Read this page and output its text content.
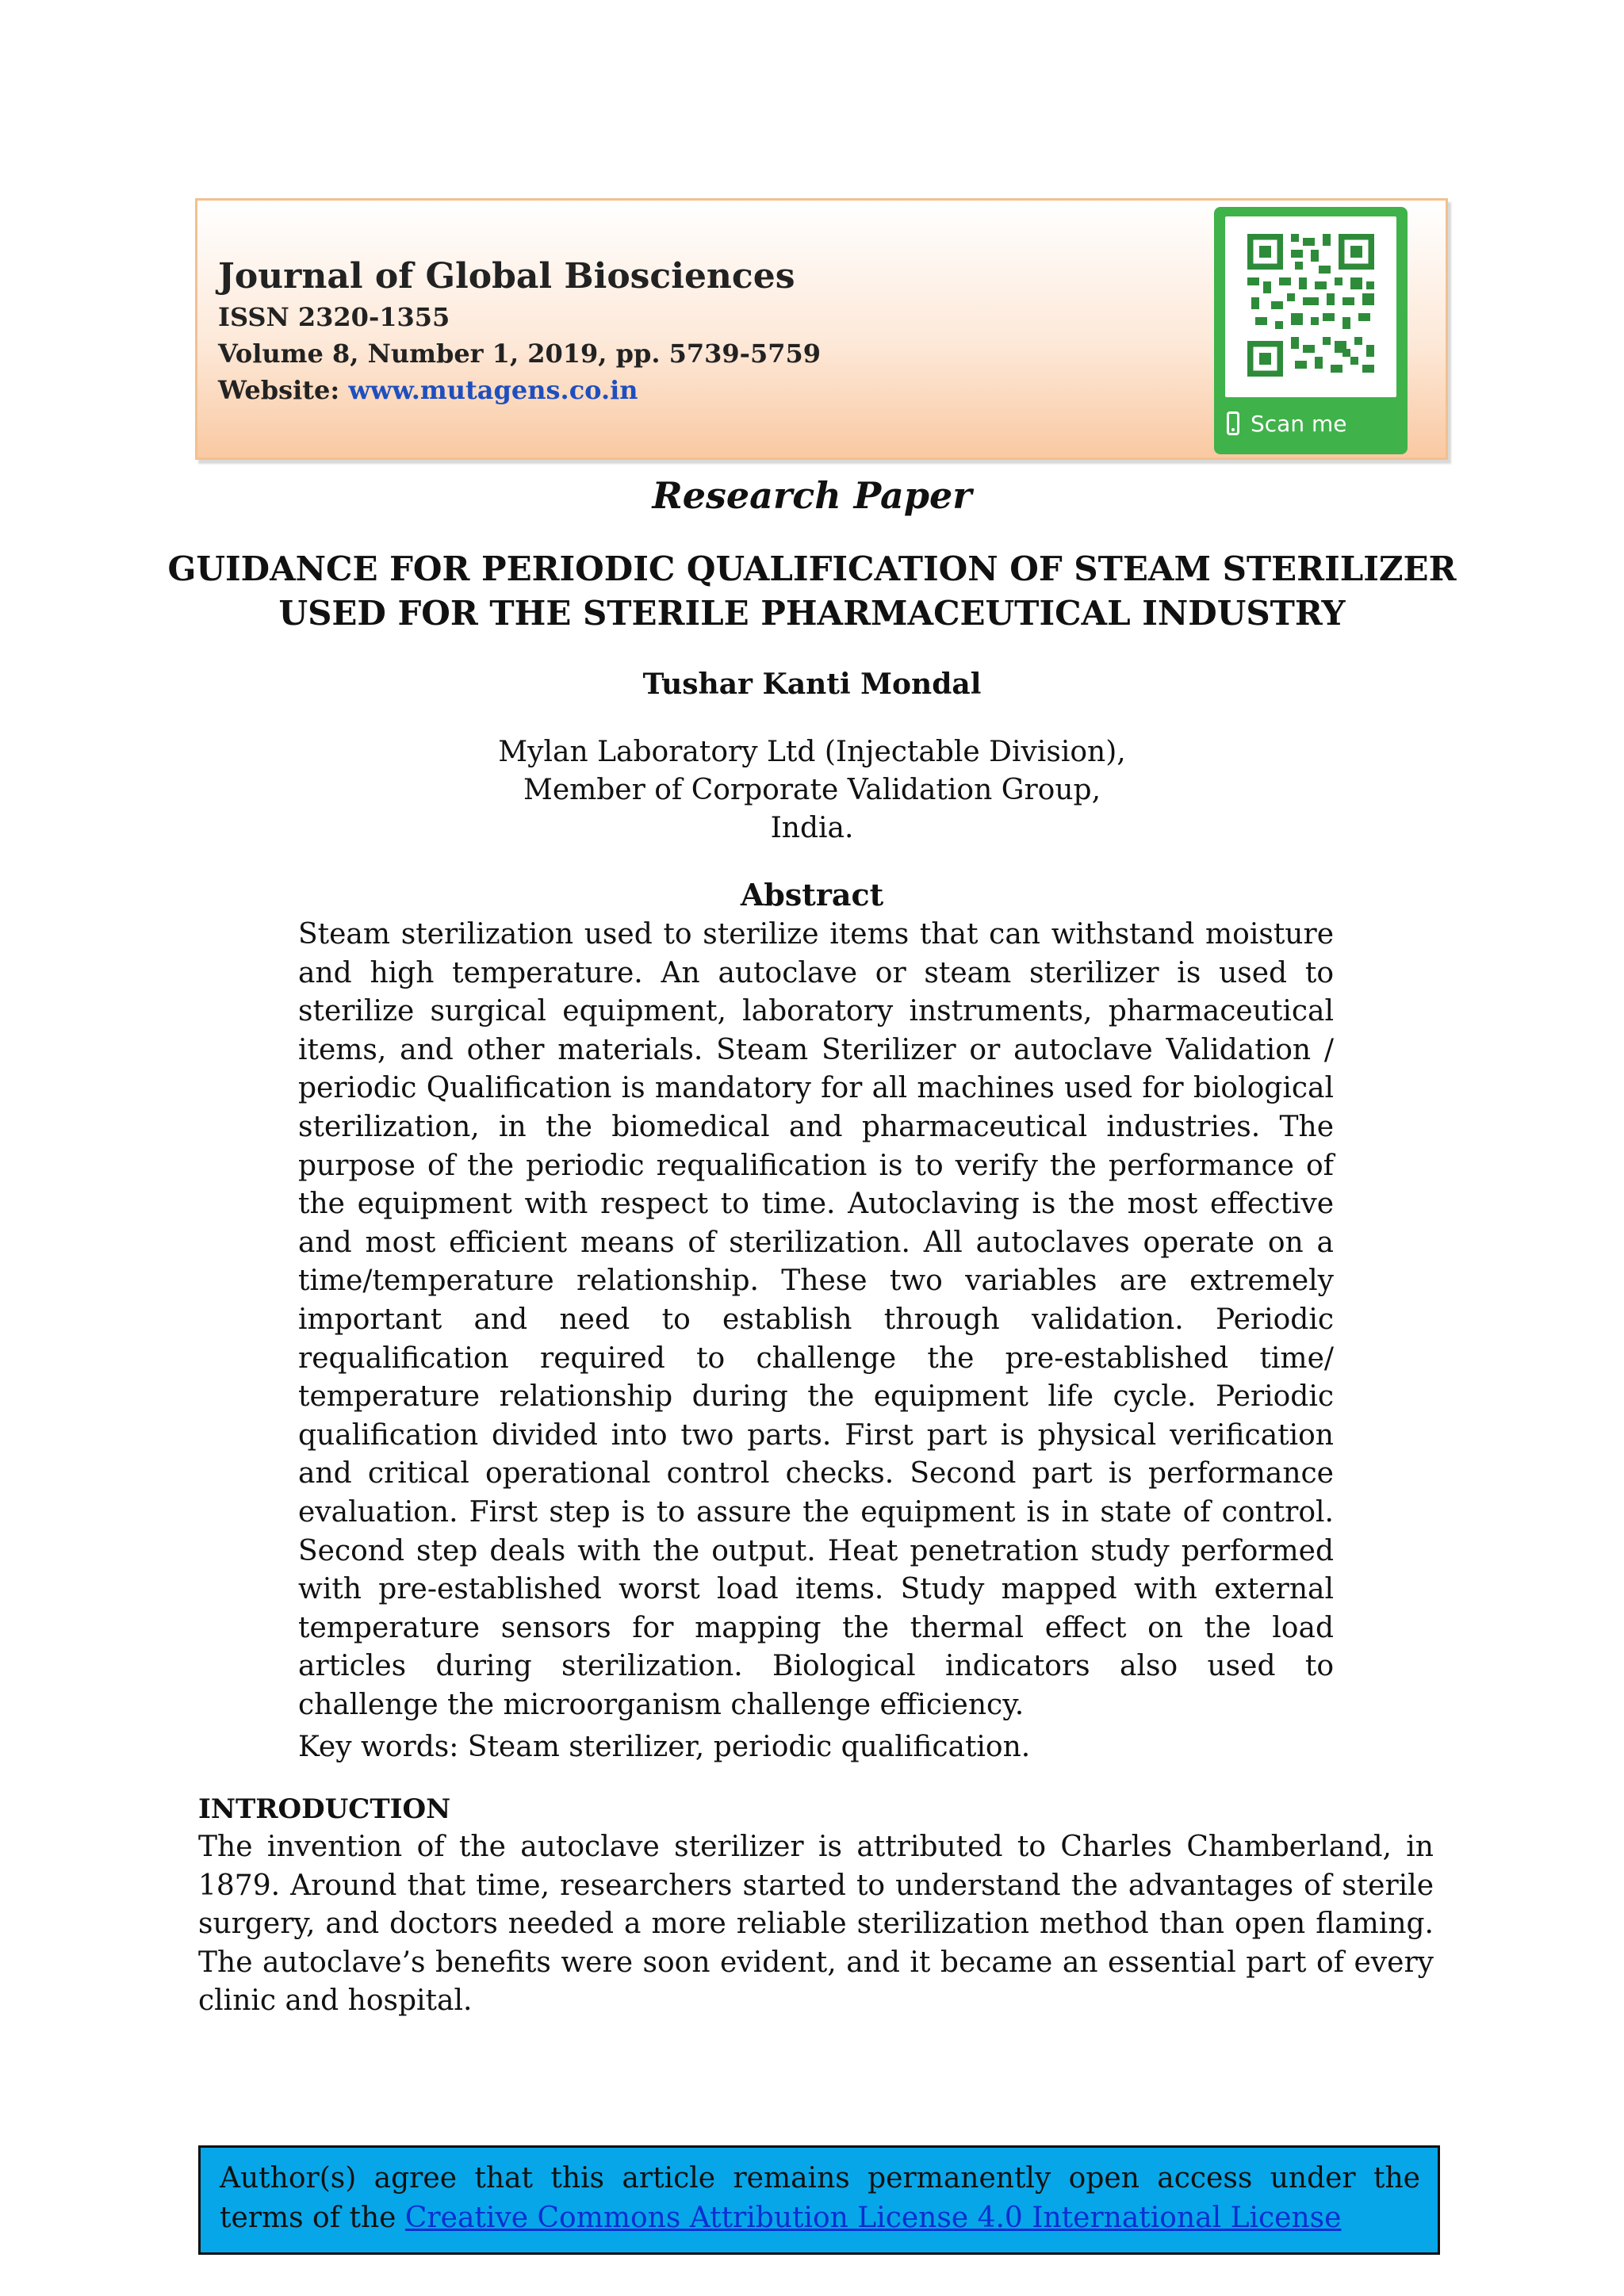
Journal of Global Biosciences
ISSN 2320-1355
Volume 8, Number 1, 2019, pp. 5739-5759
Website: www.mutagens.co.in
Scan me
Research Paper
GUIDANCE FOR PERIODIC QUALIFICATION OF STEAM STERILIZER
USED FOR THE STERILE PHARMACEUTICAL INDUSTRY
Tushar Kanti Mondal
Mylan Laboratory Ltd (Injectable Division),
Member of Corporate Validation Group,
India.
Abstract
Steam sterilization used to sterilize items that can withstand moisture and high temperature. An autoclave or steam sterilizer is used to sterilize surgical equipment, laboratory instruments, pharmaceutical items, and other materials. Steam Sterilizer or autoclave Validation / periodic Qualification is mandatory for all machines used for biological sterilization, in the biomedical and pharmaceutical industries. The purpose of the periodic requalification is to verify the performance of the equipment with respect to time. Autoclaving is the most effective and most efficient means of sterilization. All autoclaves operate on a time/temperature relationship. These two variables are extremely important and need to establish through validation. Periodic requalification required to challenge the pre-established time/ temperature relationship during the equipment life cycle. Periodic qualification divided into two parts. First part is physical verification and critical operational control checks. Second part is performance evaluation. First step is to assure the equipment is in state of control. Second step deals with the output. Heat penetration study performed with pre-established worst load items. Study mapped with external temperature sensors for mapping the thermal effect on the load articles during sterilization. Biological indicators also used to challenge the microorganism challenge efficiency.
Key words: Steam sterilizer, periodic qualification.
INTRODUCTION
The invention of the autoclave sterilizer is attributed to Charles Chamberland, in 1879. Around that time, researchers started to understand the advantages of sterile surgery, and doctors needed a more reliable sterilization method than open flaming. The autoclave’s benefits were soon evident, and it became an essential part of every clinic and hospital.
Author(s) agree that this article remains permanently open access under the terms of the Creative Commons Attribution License 4.0 International License
